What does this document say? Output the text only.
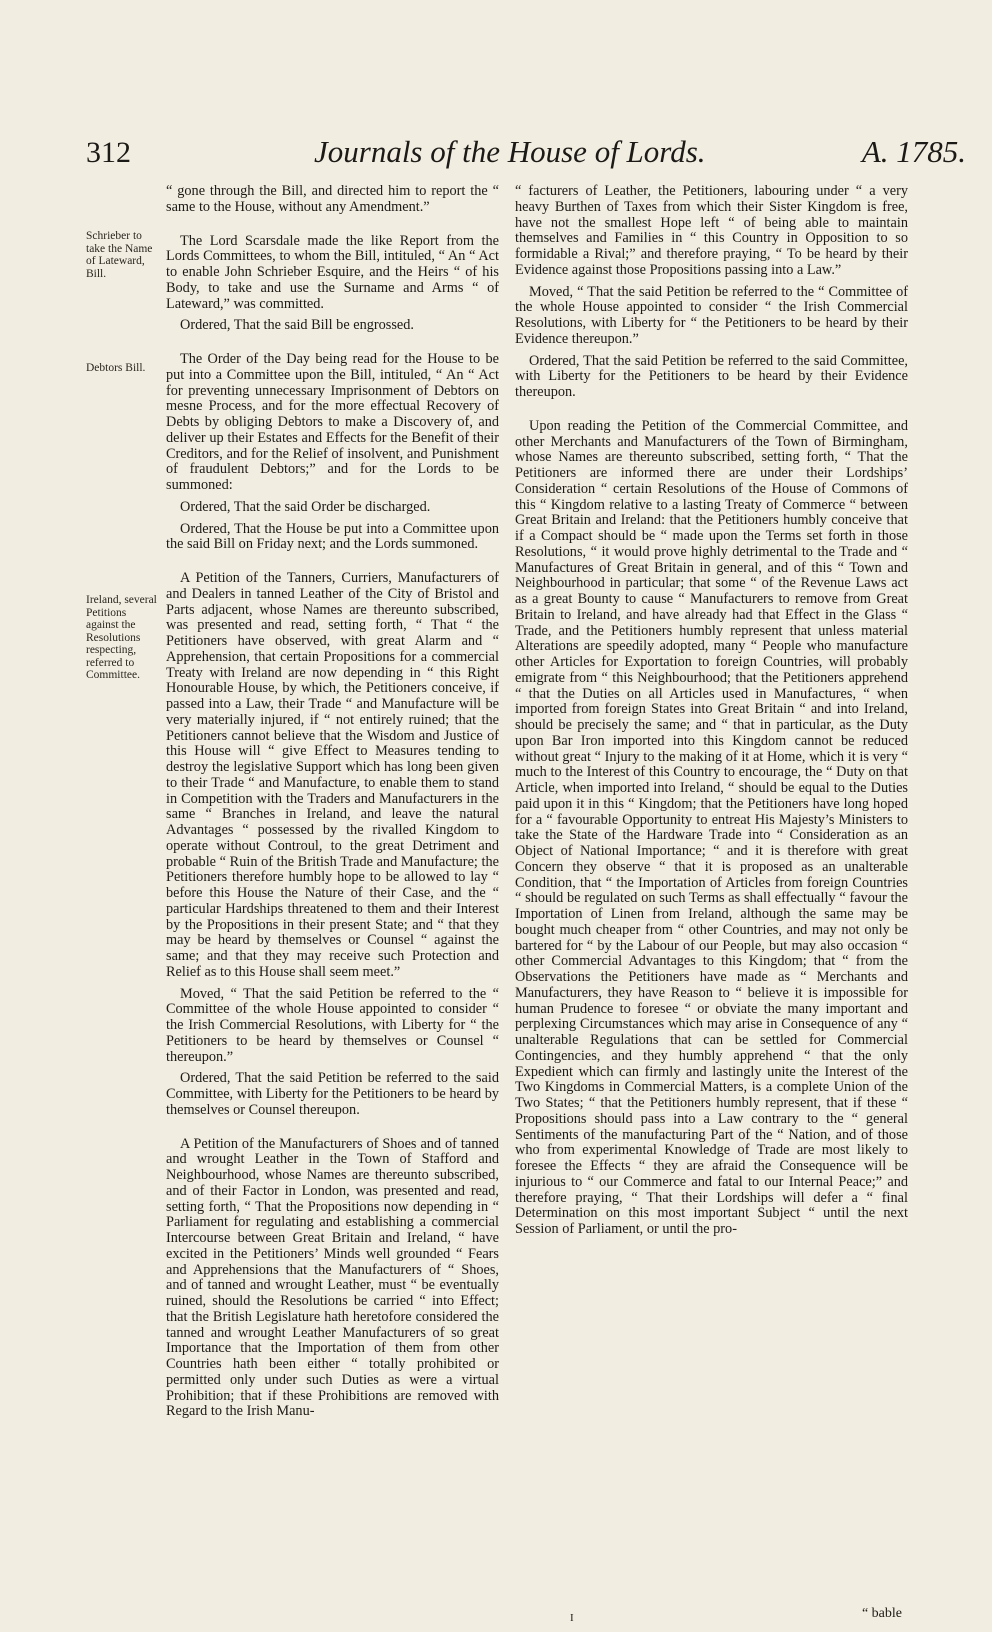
312	Journals of the House of Lords.	A. 1785.
Schrieber to take the Name of Lateward, Bill.
Debtors Bill.
Ireland, several Petitions against the Resolutions respecting, referred to Committee.

“ gone through the Bill, and directed him to report the “ same to the House, without any Amendment.”

The Lord Scarsdale made the like Report from the Lords Committees, to whom the Bill, intituled, “ An “ Act to enable John Schrieber Esquire, and the Heirs “ of his Body, to take and use the Surname and Arms “ of Lateward,” was committed.

Ordered, That the said Bill be engrossed.

The Order of the Day being read for the House to be put into a Committee upon the Bill, intituled, “ An “ Act for preventing unnecessary Imprisonment of Debtors on mesne Process, and for the more effectual Recovery of Debts by obliging Debtors to make a Discovery of, and deliver up their Estates and Effects for the Benefit of their Creditors, and for the Relief of insolvent, and Punishment of fraudulent Debtors;” and for the Lords to be summoned:

Ordered, That the said Order be discharged.

Ordered, That the House be put into a Committee upon the said Bill on Friday next; and the Lords summoned.

A Petition of the Tanners, Curriers, Manufacturers of and Dealers in tanned Leather of the City of Bristol and Parts adjacent, whose Names are thereunto subscribed, was presented and read, setting forth, “ That “ the Petitioners have observed, with great Alarm and “ Apprehension, that certain Propositions for a commercial Treaty with Ireland are now depending in “ this Right Honourable House, by which, the Petitioners conceive, if passed into a Law, their Trade “ and Manufacture will be very materially injured, if “ not entirely ruined; that the Petitioners cannot believe that the Wisdom and Justice of this House will “ give Effect to Measures tending to destroy the legislative Support which has long been given to their Trade “ and Manufacture, to enable them to stand in Competition with the Traders and Manufacturers in the same “ Branches in Ireland, and leave the natural Advantages “ possessed by the rivalled Kingdom to operate without Controul, to the great Detriment and probable “ Ruin of the British Trade and Manufacture; the Petitioners therefore humbly hope to be allowed to lay “ before this House the Nature of their Case, and the “ particular Hardships threatened to them and their Interest by the Propositions in their present State; and “ that they may be heard by themselves or Counsel “ against the same; and that they may receive such Protection and Relief as to this House shall seem meet.”

Moved, “ That the said Petition be referred to the “ Committee of the whole House appointed to consider “ the Irish Commercial Resolutions, with Liberty for “ the Petitioners to be heard by themselves or Counsel “ thereupon.”

Ordered, That the said Petition be referred to the said Committee, with Liberty for the Petitioners to be heard by themselves or Counsel thereupon.

A Petition of the Manufacturers of Shoes and of tanned and wrought Leather in the Town of Stafford and Neighbourhood, whose Names are thereunto subscribed, and of their Factor in London, was presented and read, setting forth, “ That the Propositions now depending in “ Parliament for regulating and establishing a commercial Intercourse between Great Britain and Ireland, “ have excited in the Petitioners’ Minds well grounded “ Fears and Apprehensions that the Manufacturers of “ Shoes, and of tanned and wrought Leather, must “ be eventually ruined, should the Resolutions be carried “ into Effect; that the British Legislature hath heretofore considered the tanned and wrought Leather Manufacturers of so great Importance that the Importation of them from other Countries hath been either “ totally prohibited or permitted only under such Duties as were a virtual Prohibition; that if these Prohibitions are removed with Regard to the Irish Manu-

“ facturers of Leather, the Petitioners, labouring under “ a very heavy Burthen of Taxes from which their Sister Kingdom is free, have not the smallest Hope left “ of being able to maintain themselves and Families in “ this Country in Opposition to so formidable a Rival;” and therefore praying, “ To be heard by their Evidence against those Propositions passing into a Law.”

Moved, “ That the said Petition be referred to the “ Committee of the whole House appointed to consider “ the Irish Commercial Resolutions, with Liberty for “ the Petitioners to be heard by their Evidence thereupon.”

Ordered, That the said Petition be referred to the said Committee, with Liberty for the Petitioners to be heard by their Evidence thereupon.

Upon reading the Petition of the Commercial Committee, and other Merchants and Manufacturers of the Town of Birmingham, whose Names are thereunto subscribed, setting forth, “ That the Petitioners are informed there are under their Lordships’ Consideration “ certain Resolutions of the House of Commons of this “ Kingdom relative to a lasting Treaty of Commerce “ between Great Britain and Ireland: that the Petitioners humbly conceive that if a Compact should be “ made upon the Terms set forth in those Resolutions, “ it would prove highly detrimental to the Trade and “ Manufactures of Great Britain in general, and of this “ Town and Neighbourhood in particular; that some “ of the Revenue Laws act as a great Bounty to cause “ Manufacturers to remove from Great Britain to Ireland, and have already had that Effect in the Glass “ Trade, and the Petitioners humbly represent that unless material Alterations are speedily adopted, many “ People who manufacture other Articles for Exportation to foreign Countries, will probably emigrate from “ this Neighbourhood; that the Petitioners apprehend “ that the Duties on all Articles used in Manufactures, “ when imported from foreign States into Great Britain “ and into Ireland, should be precisely the same; and “ that in particular, as the Duty upon Bar Iron imported into this Kingdom cannot be reduced without great “ Injury to the making of it at Home, which it is very “ much to the Interest of this Country to encourage, the “ Duty on that Article, when imported into Ireland, “ should be equal to the Duties paid upon it in this “ Kingdom; that the Petitioners have long hoped for a “ favourable Opportunity to entreat His Majesty’s Ministers to take the State of the Hardware Trade into “ Consideration as an Object of National Importance; “ and it is therefore with great Concern they observe “ that it is proposed as an unalterable Condition, that “ the Importation of Articles from foreign Countries “ should be regulated on such Terms as shall effectually “ favour the Importation of Linen from Ireland, although the same may be bought much cheaper from “ other Countries, and may not only be bartered for “ by the Labour of our People, but may also occasion “ other Commercial Advantages to this Kingdom; that “ from the Observations the Petitioners have made as “ Merchants and Manufacturers, they have Reason to “ believe it is impossible for human Prudence to foresee “ or obviate the many important and perplexing Circumstances which may arise in Consequence of any “ unalterable Regulations that can be settled for Commercial Contingencies, and they humbly apprehend “ that the only Expedient which can firmly and lastingly unite the Interest of the Two Kingdoms in Commercial Matters, is a complete Union of the Two States; “ that the Petitioners humbly represent, that if these “ Propositions should pass into a Law contrary to the “ general Sentiments of the manufacturing Part of the “ Nation, and of those who from experimental Knowledge of Trade are most likely to foresee the Effects “ they are afraid the Consequence will be injurious to “ our Commerce and fatal to our Internal Peace;” and therefore praying, “ That their Lordships will defer a “ final Determination on this most important Subject “ until the next Session of Parliament, or until the pro-

I	“ bable
